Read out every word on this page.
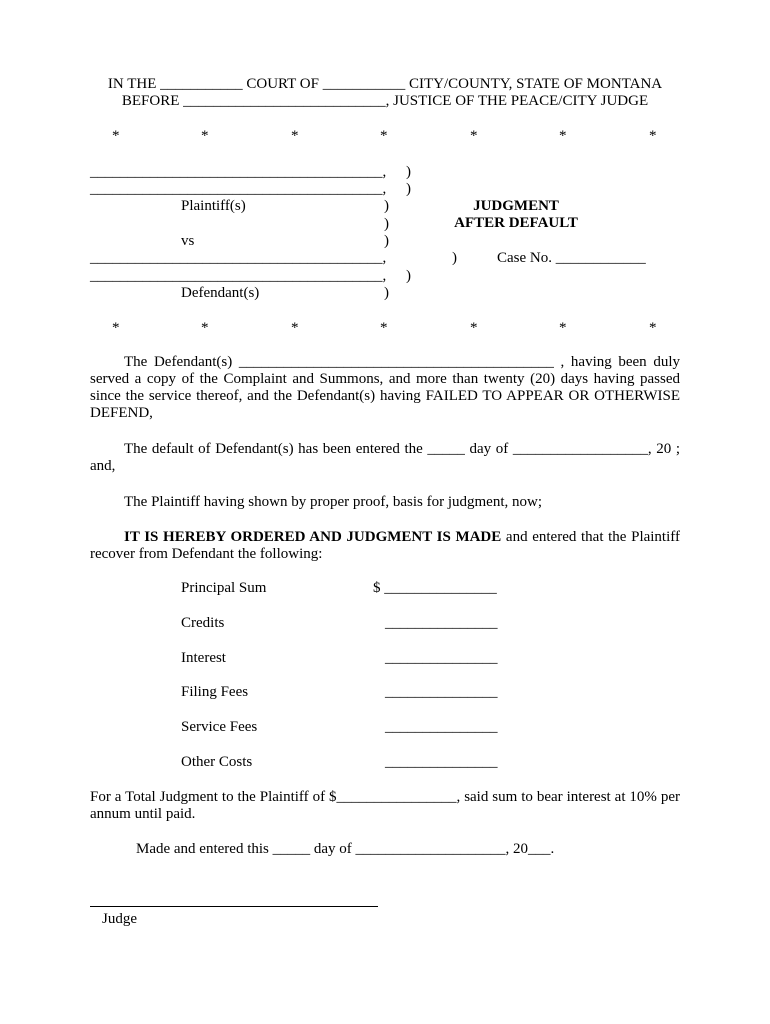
IN THE ___________ COURT OF ___________ CITY/COUNTY, STATE OF MONTANA
BEFORE ___________________________, JUSTICE OF THE PEACE/CITY JUDGE
*	*	*	*	*	*	*
_______________________________________, )
_______________________________________, )
Plaintiff(s)	)
)
vs	)
_______________________________________,	)	Case No. ____________
_______________________________________, )
Defendant(s)	)
JUDGMENT
AFTER DEFAULT
*	*	*	*	*	*	*
The Defendant(s) __________________________________________ , having been duly served a copy of the Complaint and Summons, and more than twenty (20) days having passed since the service thereof, and the Defendant(s) having FAILED TO APPEAR OR OTHERWISE DEFEND,
The default of Defendant(s) has been entered the _____ day of __________________, 20 ; and,
The Plaintiff having shown by proper proof, basis for judgment, now;
IT IS HEREBY ORDERED AND JUDGMENT IS MADE and entered that the Plaintiff recover from Defendant the following:
Principal Sum	$ _______________
Credits	_______________
Interest	_______________
Filing Fees	_______________
Service Fees	_______________
Other Costs	_______________
For a Total Judgment to the Plaintiff of $________________, said sum to bear interest at 10% per annum until paid.
Made and entered this _____ day of ____________________, 20___.
Judge
